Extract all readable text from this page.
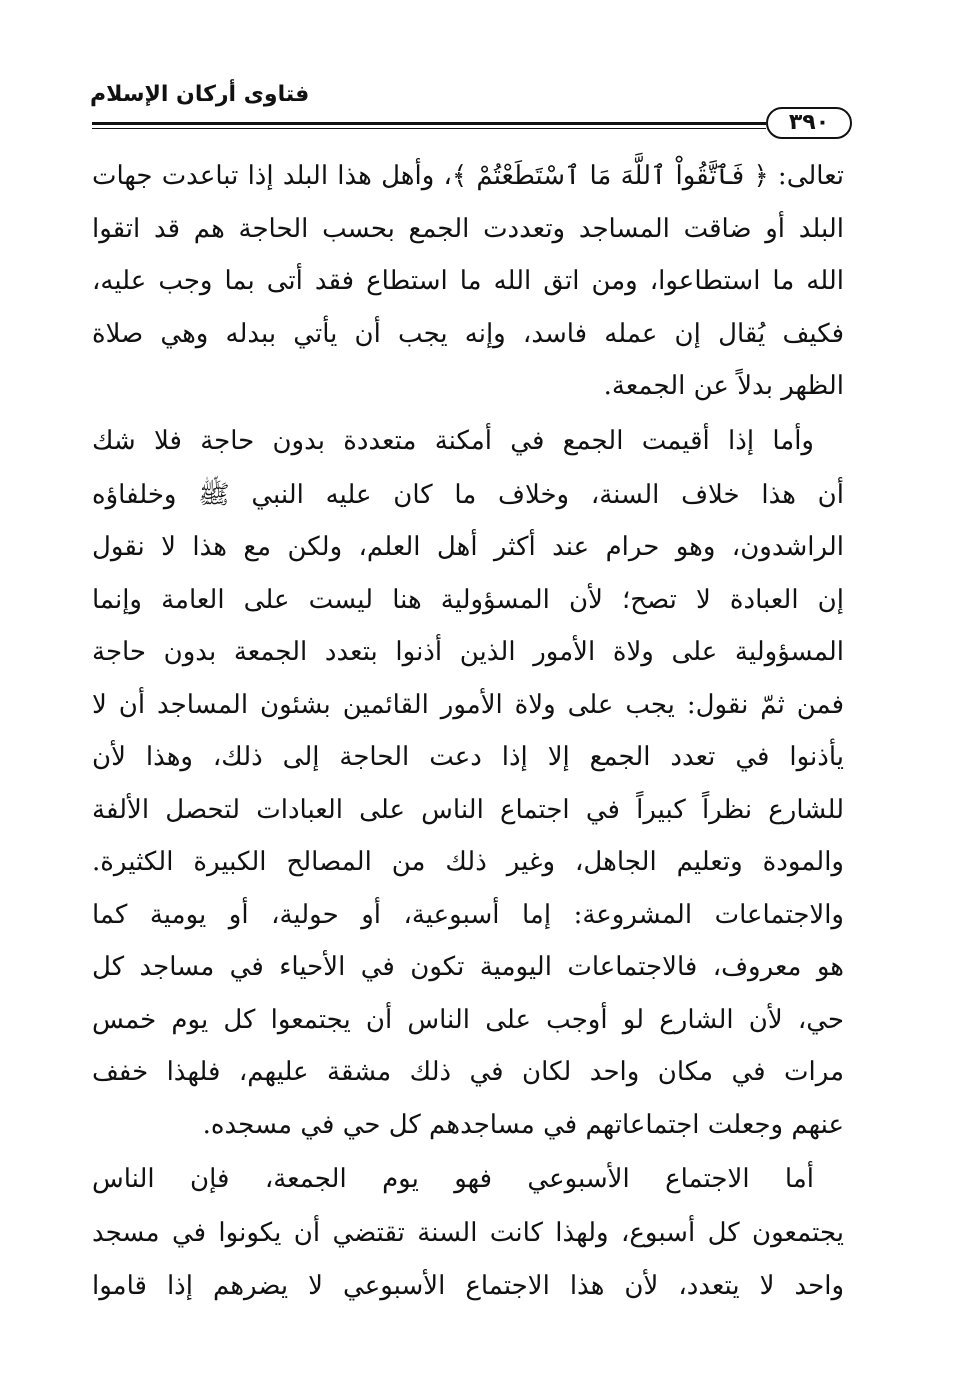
فتاوى أركان الإسلام
٣٩٠
تعالى: ﴿ فَٱتَّقُواْ ٱللَّهَ مَا ٱسْتَطَعْتُمْ ﴾، وأهل هذا البلد إذا تباعدت جهات
البلد أو ضاقت المساجد وتعددت الجمع بحسب الحاجة هم قد اتقوا
الله ما استطاعوا، ومن اتق الله ما استطاع فقد أتى بما وجب عليه،
فكيف يُقال إن عمله فاسد، وإنه يجب أن يأتي ببدله وهي صلاة
الظهر بدلاً عن الجمعة.
وأما إذا أقيمت الجمع في أمكنة متعددة بدون حاجة فلا شك
أن هذا خلاف السنة، وخلاف ما كان عليه النبي ﷺ وخلفاؤه
الراشدون، وهو حرام عند أكثر أهل العلم، ولكن مع هذا لا نقول
إن العبادة لا تصح؛ لأن المسؤولية هنا ليست على العامة وإنما
المسؤولية على ولاة الأمور الذين أذنوا بتعدد الجمعة بدون حاجة
فمن ثمّ نقول: يجب على ولاة الأمور القائمين بشئون المساجد أن لا
يأذنوا في تعدد الجمع إلا إذا دعت الحاجة إلى ذلك، وهذا لأن
للشارع نظراً كبيراً في اجتماع الناس على العبادات لتحصل الألفة
والمودة وتعليم الجاهل، وغير ذلك من المصالح الكبيرة الكثيرة.
والاجتماعات المشروعة: إما أسبوعية، أو حولية، أو يومية كما
هو معروف، فالاجتماعات اليومية تكون في الأحياء في مساجد كل
حي، لأن الشارع لو أوجب على الناس أن يجتمعوا كل يوم خمس
مرات في مكان واحد لكان في ذلك مشقة عليهم، فلهذا خفف
عنهم وجعلت اجتماعاتهم في مساجدهم كل حي في مسجده.
أما الاجتماع الأسبوعي فهو يوم الجمعة، فإن الناس
يجتمعون كل أسبوع، ولهذا كانت السنة تقتضي أن يكونوا في مسجد
واحد لا يتعدد، لأن هذا الاجتماع الأسبوعي لا يضرهم إذا قاموا
